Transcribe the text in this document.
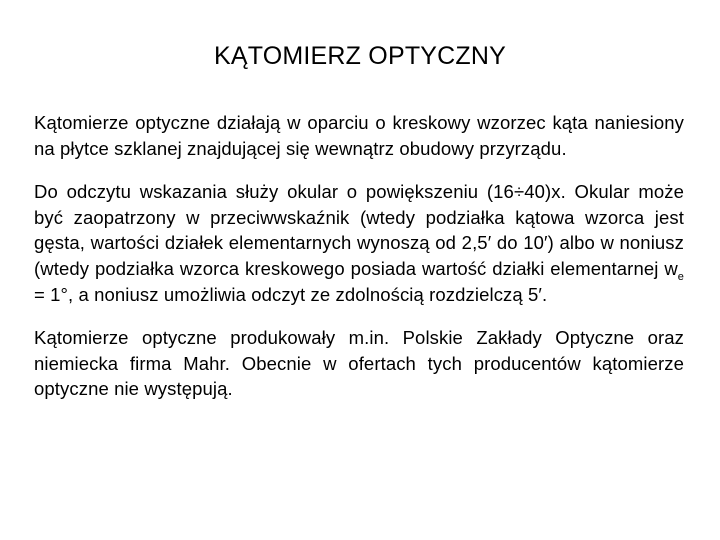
KĄTOMIERZ OPTYCZNY

Kątomierze optyczne działają w oparciu o kreskowy wzorzec kąta naniesiony na płytce szklanej znajdującej się wewnątrz obudowy przyrządu.

Do odczytu wskazania służy okular o powiększeniu (16÷40)x. Okular może być zaopatrzony w przeciwwskaźnik (wtedy podziałka kątowa wzorca jest gęsta, wartości działek elementarnych wynoszą od 2,5′ do 10′) albo w noniusz (wtedy podziałka wzorca kreskowego posiada wartość działki elementarnej $w_e = 1^\circ$, a noniusz umożliwia odczyt ze zdolnością rozdzielczą 5′.

Kątomierze optyczne produkowały m.in. Polskie Zakłady Optyczne oraz niemiecka firma Mahr. Obecnie w ofertach tych producentów kątomierze optyczne nie występują.
